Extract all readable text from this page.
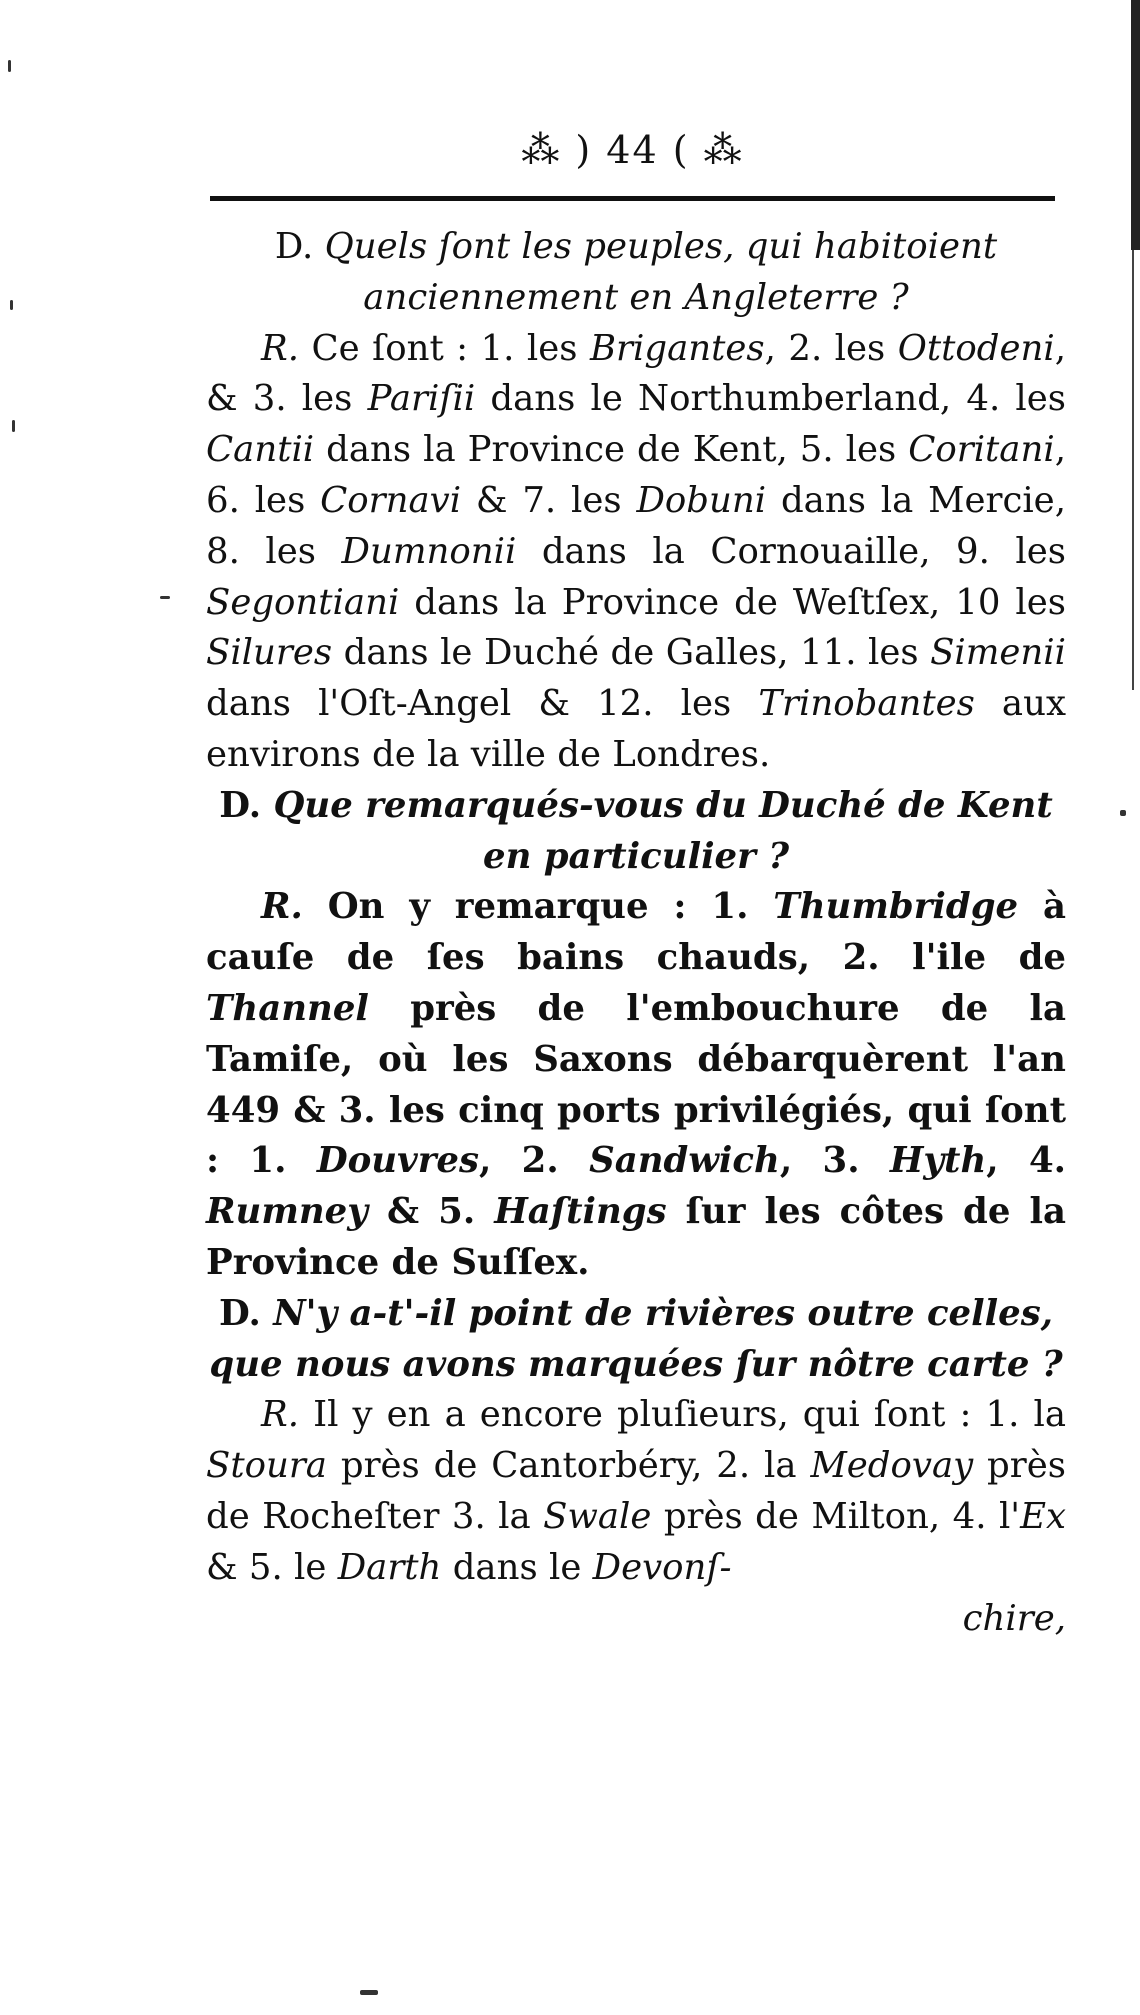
⁂ ) 44 ( ⁂

D. Quels ſont les peuples, qui habitoient anciennement en Angleterre ?

R. Ce ſont : 1. les Brigantes, 2. les Ottodeni, & 3. les Pariſii dans le Northumberland, 4. les Cantii dans la Province de Kent, 5. les Coritani, 6. les Cornavi & 7. les Dobuni dans la Mercie, 8. les Dumnonii dans la Cornouaille, 9. les Segontiani dans la Province de Weſtſex, 10 les Silures dans le Duché de Galles, 11. les Simenii dans l'Oſt-Angel & 12. les Trinobantes aux environs de la ville de Londres.

D. Que remarqués-vous du Duché de Kent en particulier ?

R. On y remarque : 1. Thumbridge à cauſe de ſes bains chauds, 2. l'ile de Thannel près de l'embouchure de la Tamiſe, où les Saxons débarquèrent l'an 449 & 3. les cinq ports privilégiés, qui ſont : 1. Douvres, 2. Sandwich, 3. Hyth, 4. Rumney & 5. Haſtings ſur les côtes de la Province de Suſſex.

D. N'y a-t'-il point de rivières outre celles, que nous avons marquées ſur nôtre carte ?

R. Il y en a encore pluſieurs, qui ſont : 1. la Stoura près de Cantorbéry, 2. la Medovay près de Rocheſter 3. la Swale près de Milton, 4. l'Ex & 5. le Darth dans le Devonſ-

chire,
